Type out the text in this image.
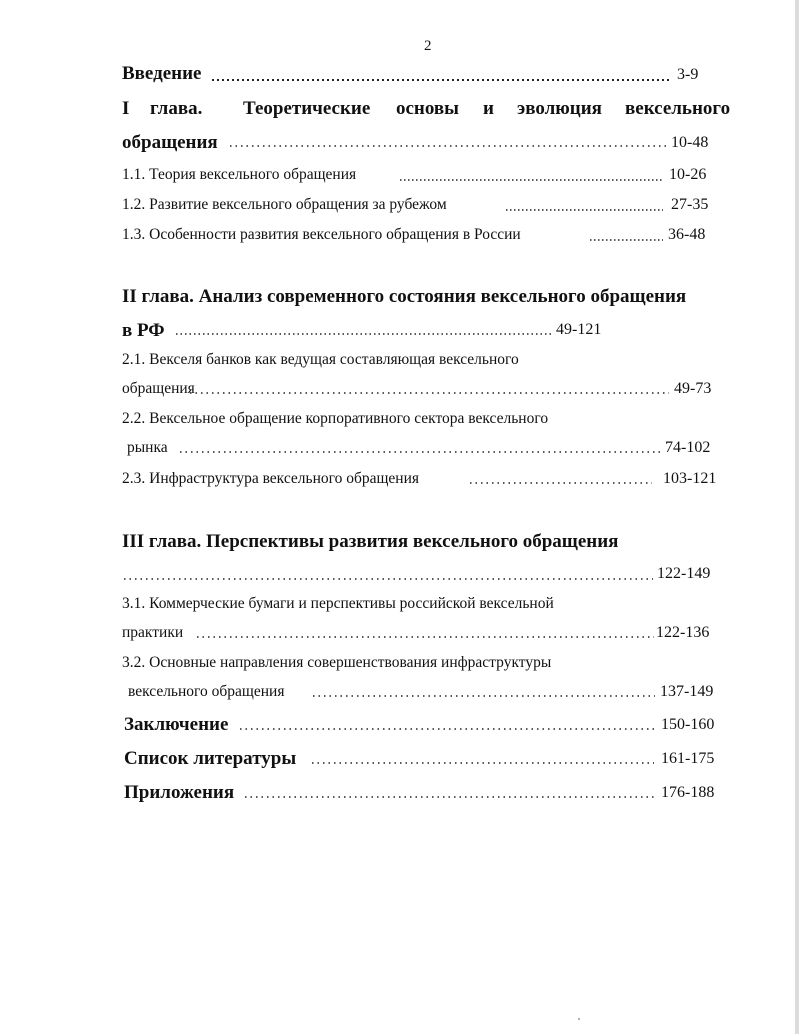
2
Введение	3-9
I глава. Теоретические основы и эволюция вексельного
обращения	10-48
1.1. Теория вексельного обращения	10-26
1.2. Развитие вексельного обращения за рубежом	27-35
1.3. Особенности развития вексельного обращения в России	36-48
II глава. Анализ современного состояния вексельного обращения
в РФ	49-121
2.1. Векселя банков как ведущая составляющая вексельного
обращения	49-73
2.2. Вексельное обращение корпоративного сектора вексельного
рынка	74-102
2.3. Инфраструктура вексельного обращения	103-121
III глава. Перспективы развития вексельного обращения
122-149
3.1. Коммерческие бумаги и перспективы российской вексельной
практики	122-136
3.2. Основные направления совершенствования инфраструктуры
вексельного обращения	137-149
Заключение	150-160
Список литературы	161-175
Приложения	176-188
